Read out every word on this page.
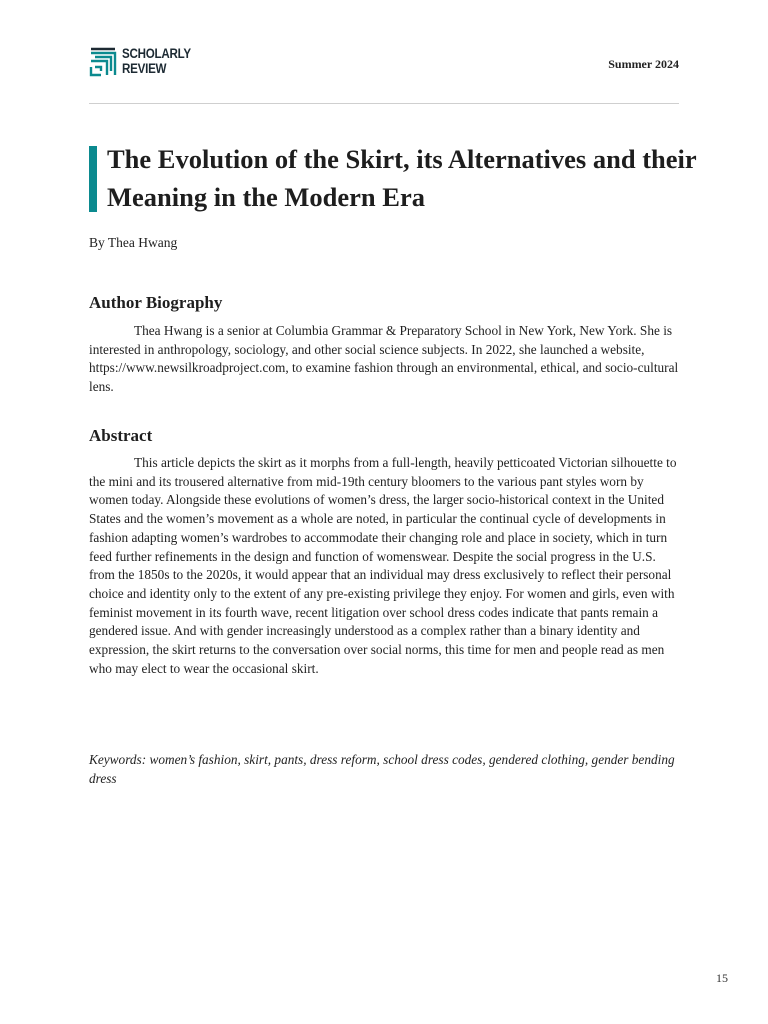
SCHOLARLY
REVIEW	Summer 2024
The Evolution of the Skirt, its Alternatives and their Meaning in the Modern Era
By Thea Hwang
Author Biography

Thea Hwang is a senior at Columbia Grammar & Preparatory School in New York, New York. She is interested in anthropology, sociology, and other social science subjects. In 2022, she launched a website, https://www.newsilkroadproject.com, to examine fashion through an environmental, ethical, and socio-cultural lens.

Abstract

This article depicts the skirt as it morphs from a full-length, heavily petticoated Victorian silhouette to the mini and its trousered alternative from mid-19th century bloomers to the various pant styles worn by women today. Alongside these evolutions of women’s dress, the larger socio-historical context in the United States and the women’s movement as a whole are noted, in particular the continual cycle of developments in fashion adapting women’s wardrobes to accommodate their changing role and place in society, which in turn feed further refinements in the design and function of womenswear. Despite the social progress in the U.S. from the 1850s to the 2020s, it would appear that an individual may dress exclusively to reflect their personal choice and identity only to the extent of any pre-existing privilege they enjoy. For women and girls, even with feminist movement in its fourth wave, recent litigation over school dress codes indicate that pants remain a gendered issue. And with gender increasingly understood as a complex rather than a binary identity and expression, the skirt returns to the conversation over social norms, this time for men and people read as men who may elect to wear the occasional skirt.

Keywords: women’s fashion, skirt, pants, dress reform, school dress codes, gendered clothing, gender bending dress

15
